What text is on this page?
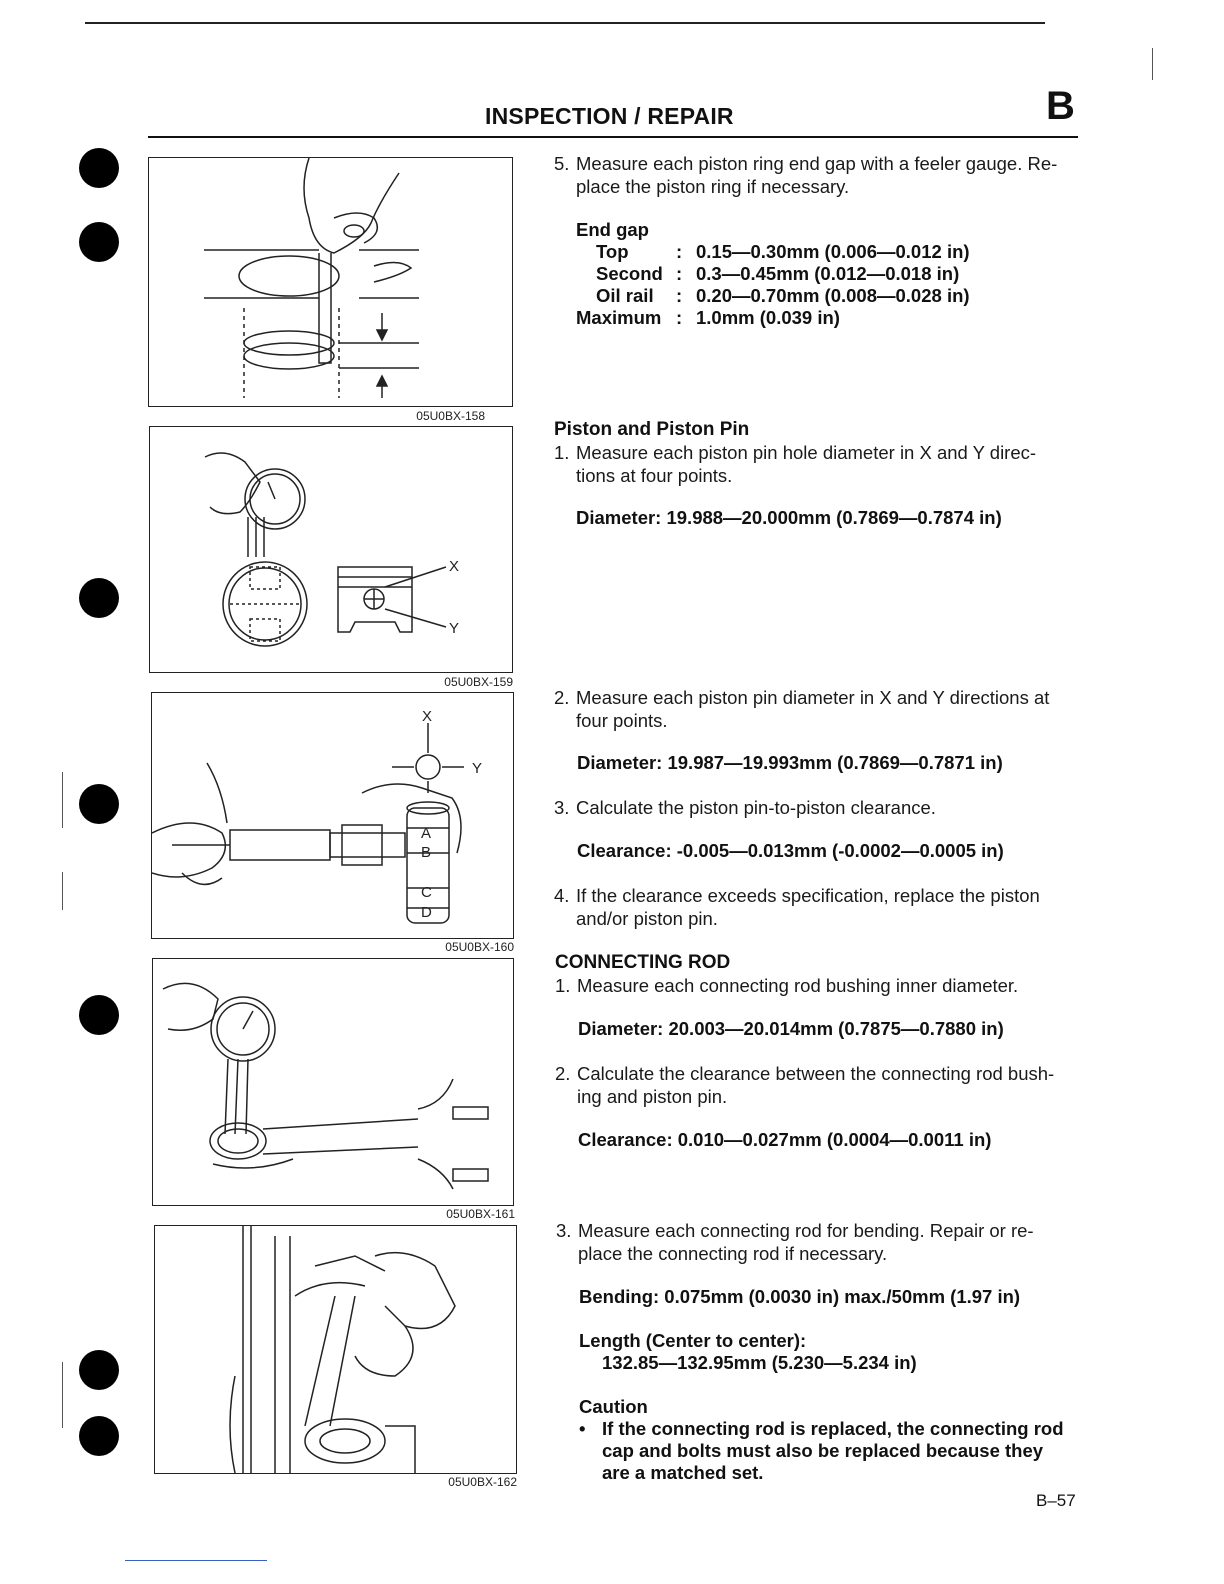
INSPECTION / REPAIR	B
05U0BX-158
X
Y
05U0BX-159
X
Y
A
B
C
D
05U0BX-160
05U0BX-161
05U0BX-162
5. Measure each piston ring end gap with a feeler gauge. Re-
place the piston ring if necessary.
End gap
	Top	:	0.15—0.30mm (0.006—0.012 in)
	Second	:	0.3—0.45mm (0.012—0.018 in)
	Oil rail	:	0.20—0.70mm (0.008—0.028 in)
Maximum		:	1.0mm (0.039 in)
Piston and Piston Pin
1. Measure each piston pin hole diameter in X and Y direc-
tions at four points.
Diameter: 19.988—20.000mm (0.7869—0.7874 in)
2. Measure each piston pin diameter in X and Y directions at
four points.
Diameter: 19.987—19.993mm (0.7869—0.7871 in)
3. Calculate the piston pin-to-piston clearance.
Clearance: -0.005—0.013mm (-0.0002—0.0005 in)
4. If the clearance exceeds specification, replace the piston
and/or piston pin.
CONNECTING ROD
1. Measure each connecting rod bushing inner diameter.
Diameter: 20.003—20.014mm (0.7875—0.7880 in)
2. Calculate the clearance between the connecting rod bush-
ing and piston pin.
Clearance: 0.010—0.027mm (0.0004—0.0011 in)
3. Measure each connecting rod for bending. Repair or re-
place the connecting rod if necessary.
Bending: 0.075mm (0.0030 in) max./50mm (1.97 in)
Length (Center to center):
132.85—132.95mm (5.230—5.234 in)
Caution
• If the connecting rod is replaced, the connecting rod
cap and bolts must also be replaced because they
are a matched set.
B–57
